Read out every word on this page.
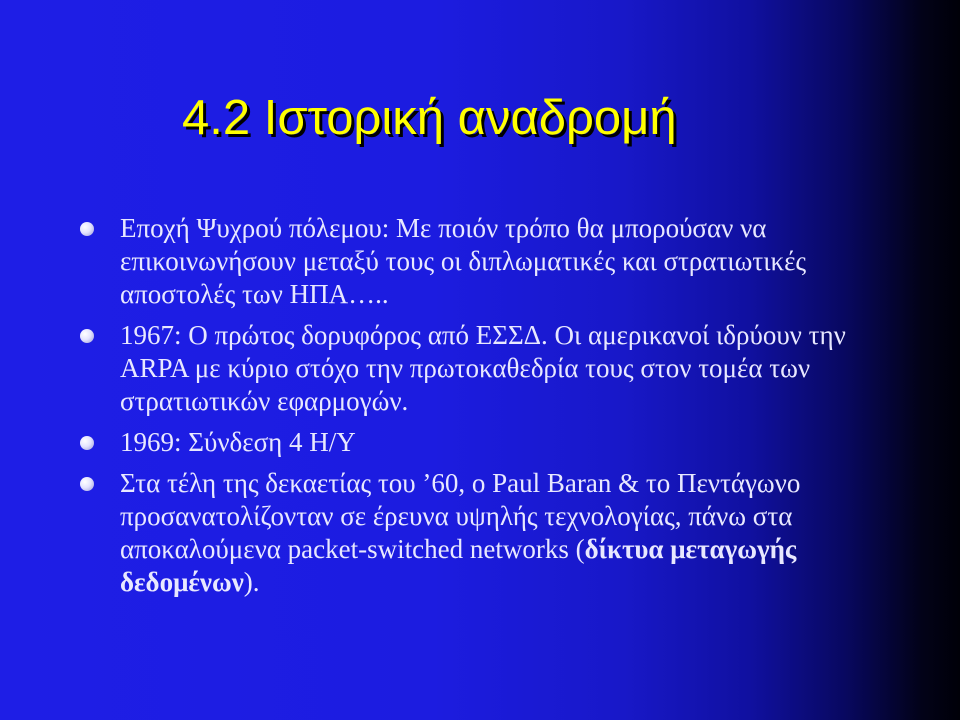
4.2 Ιστορική αναδρομή
Εποχή Ψυχρού πόλεμου: Με ποιόν τρόπο θα μπορούσαν να επικοινωνήσουν μεταξύ τους οι διπλωματικές και στρατιωτικές αποστολές των ΗΠΑ…..
1967: Ο πρώτος δορυφόρος από ΕΣΣΔ. Οι αμερικανοί ιδρύουν την ARPA με κύριο στόχο την πρωτοκαθεδρία τους στον τομέα των στρατιωτικών εφαρμογών.
1969: Σύνδεση 4 Η/Υ
Στα τέλη της δεκαετίας του ’60, ο Paul Baran & το Πεντάγωνο προσανατολίζονταν σε έρευνα υψηλής τεχνολογίας, πάνω στα αποκαλούμενα packet-switched networks (δίκτυα μεταγωγής δεδομένων).
